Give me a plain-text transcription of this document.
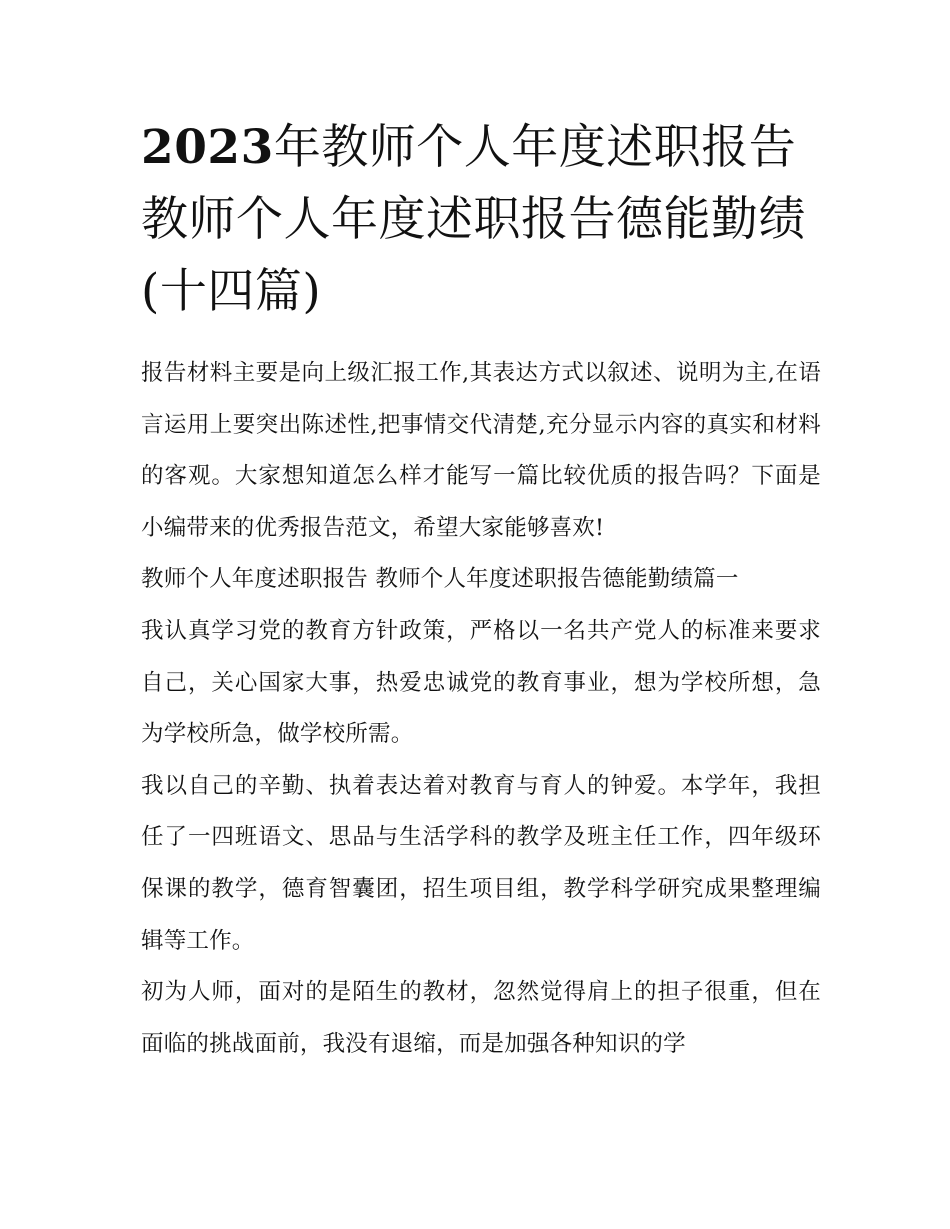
2023年教师个人年度述职报告教师个人年度述职报告德能勤绩(十四篇)

报告材料主要是向上级汇报工作,其表达方式以叙述、说明为主,在语言运用上要突出陈述性,把事情交代清楚,充分显示内容的真实和材料的客观。大家想知道怎么样才能写一篇比较优质的报告吗？下面是小编带来的优秀报告范文，希望大家能够喜欢!

教师个人年度述职报告 教师个人年度述职报告德能勤绩篇一

我认真学习党的教育方针政策，严格以一名共产党人的标准来要求自己，关心国家大事，热爱忠诚党的教育事业，想为学校所想，急为学校所急，做学校所需。

我以自己的辛勤、执着表达着对教育与育人的钟爱。本学年，我担任了一四班语文、思品与生活学科的教学及班主任工作，四年级环保课的教学，德育智囊团，招生项目组，教学科学研究成果整理编辑等工作。

初为人师，面对的是陌生的教材，忽然觉得肩上的担子很重，但在面临的挑战面前，我没有退缩，而是加强各种知识的学
